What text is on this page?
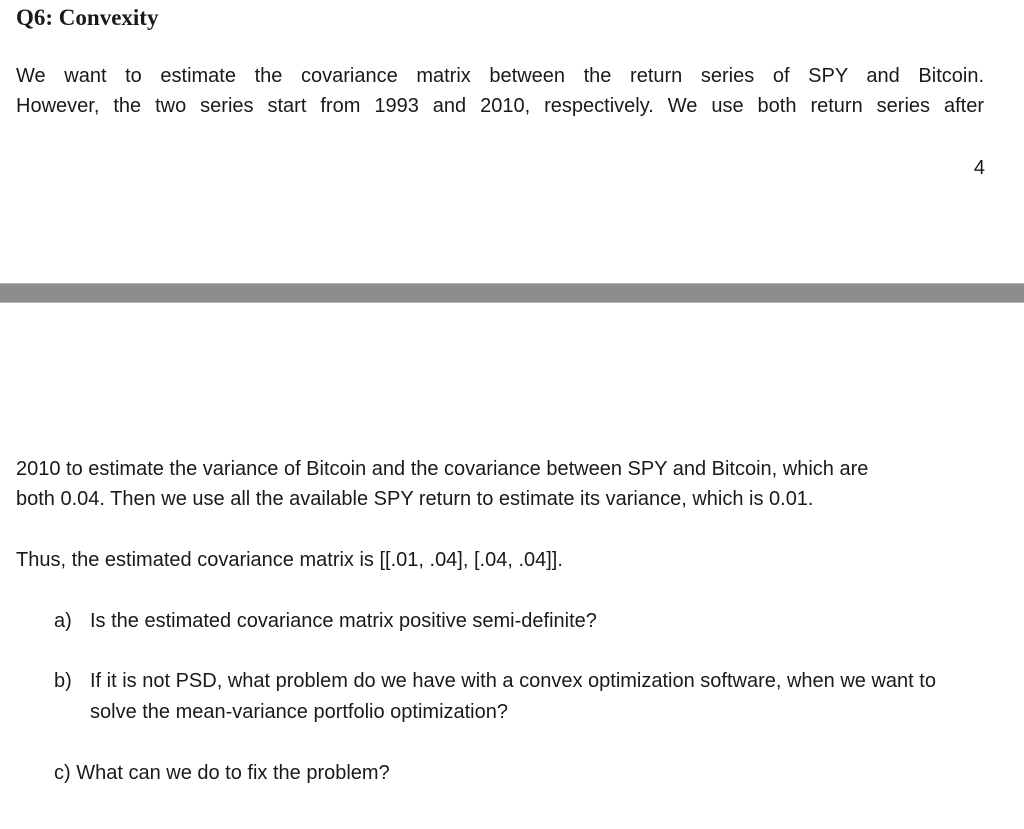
Q6: Convexity

We want to estimate the covariance matrix between the return series of SPY and Bitcoin.

However, the two series start from 1993 and 2010, respectively. We use both return series after

4

2010 to estimate the variance of Bitcoin and the covariance between SPY and Bitcoin, which are

both 0.04. Then we use all the available SPY return to estimate its variance, which is 0.01.

Thus, the estimated covariance matrix is [[.01, .04], [.04, .04]].

a) Is the estimated covariance matrix positive semi-definite?
b) If it is not PSD, what problem do we have with a convex optimization software, when we want to solve the mean-variance portfolio optimization?
c) What can we do to fix the problem?
